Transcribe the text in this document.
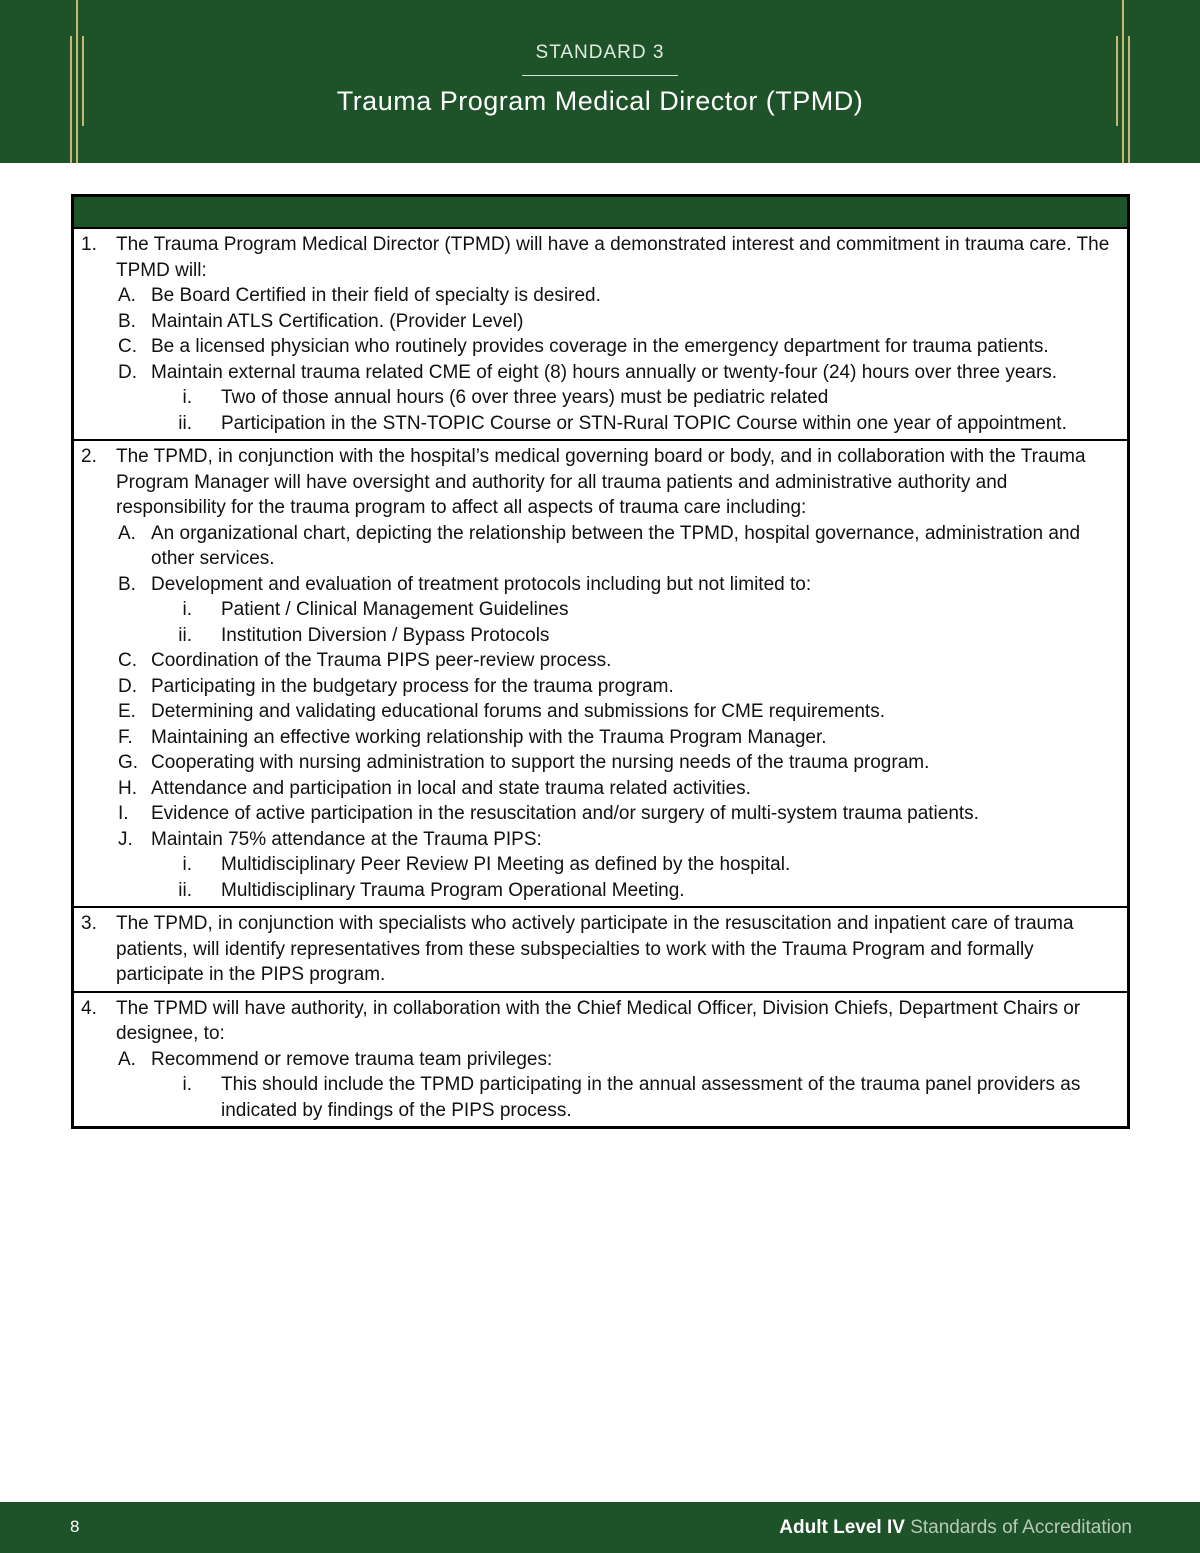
STANDARD 3
Trauma Program Medical Director (TPMD)
1. The Trauma Program Medical Director (TPMD) will have a demonstrated interest and commitment in trauma care. The TPMD will:
A. Be Board Certified in their field of specialty is desired.
B. Maintain ATLS Certification. (Provider Level)
C. Be a licensed physician who routinely provides coverage in the emergency department for trauma patients.
D. Maintain external trauma related CME of eight (8) hours annually or twenty-four (24) hours over three years.
i. Two of those annual hours (6 over three years) must be pediatric related
ii. Participation in the STN-TOPIC Course or STN-Rural TOPIC Course within one year of appointment.
2. The TPMD, in conjunction with the hospital’s medical governing board or body, and in collaboration with the Trauma Program Manager will have oversight and authority for all trauma patients and administrative authority and responsibility for the trauma program to affect all aspects of trauma care including:
A. An organizational chart, depicting the relationship between the TPMD, hospital governance, administration and other services.
B. Development and evaluation of treatment protocols including but not limited to:
i. Patient / Clinical Management Guidelines
ii. Institution Diversion / Bypass Protocols
C. Coordination of the Trauma PIPS peer-review process.
D. Participating in the budgetary process for the trauma program.
E. Determining and validating educational forums and submissions for CME requirements.
F. Maintaining an effective working relationship with the Trauma Program Manager.
G. Cooperating with nursing administration to support the nursing needs of the trauma program.
H. Attendance and participation in local and state trauma related activities.
I. Evidence of active participation in the resuscitation and/or surgery of multi-system trauma patients.
J. Maintain 75% attendance at the Trauma PIPS:
i. Multidisciplinary Peer Review PI Meeting as defined by the hospital.
ii. Multidisciplinary Trauma Program Operational Meeting.
3. The TPMD, in conjunction with specialists who actively participate in the resuscitation and inpatient care of trauma patients, will identify representatives from these subspecialties to work with the Trauma Program and formally participate in the PIPS program.
4. The TPMD will have authority, in collaboration with the Chief Medical Officer, Division Chiefs, Department Chairs or designee, to:
A. Recommend or remove trauma team privileges:
i. This should include the TPMD participating in the annual assessment of the trauma panel providers as indicated by findings of the PIPS process.
8	Adult Level IV Standards of Accreditation
